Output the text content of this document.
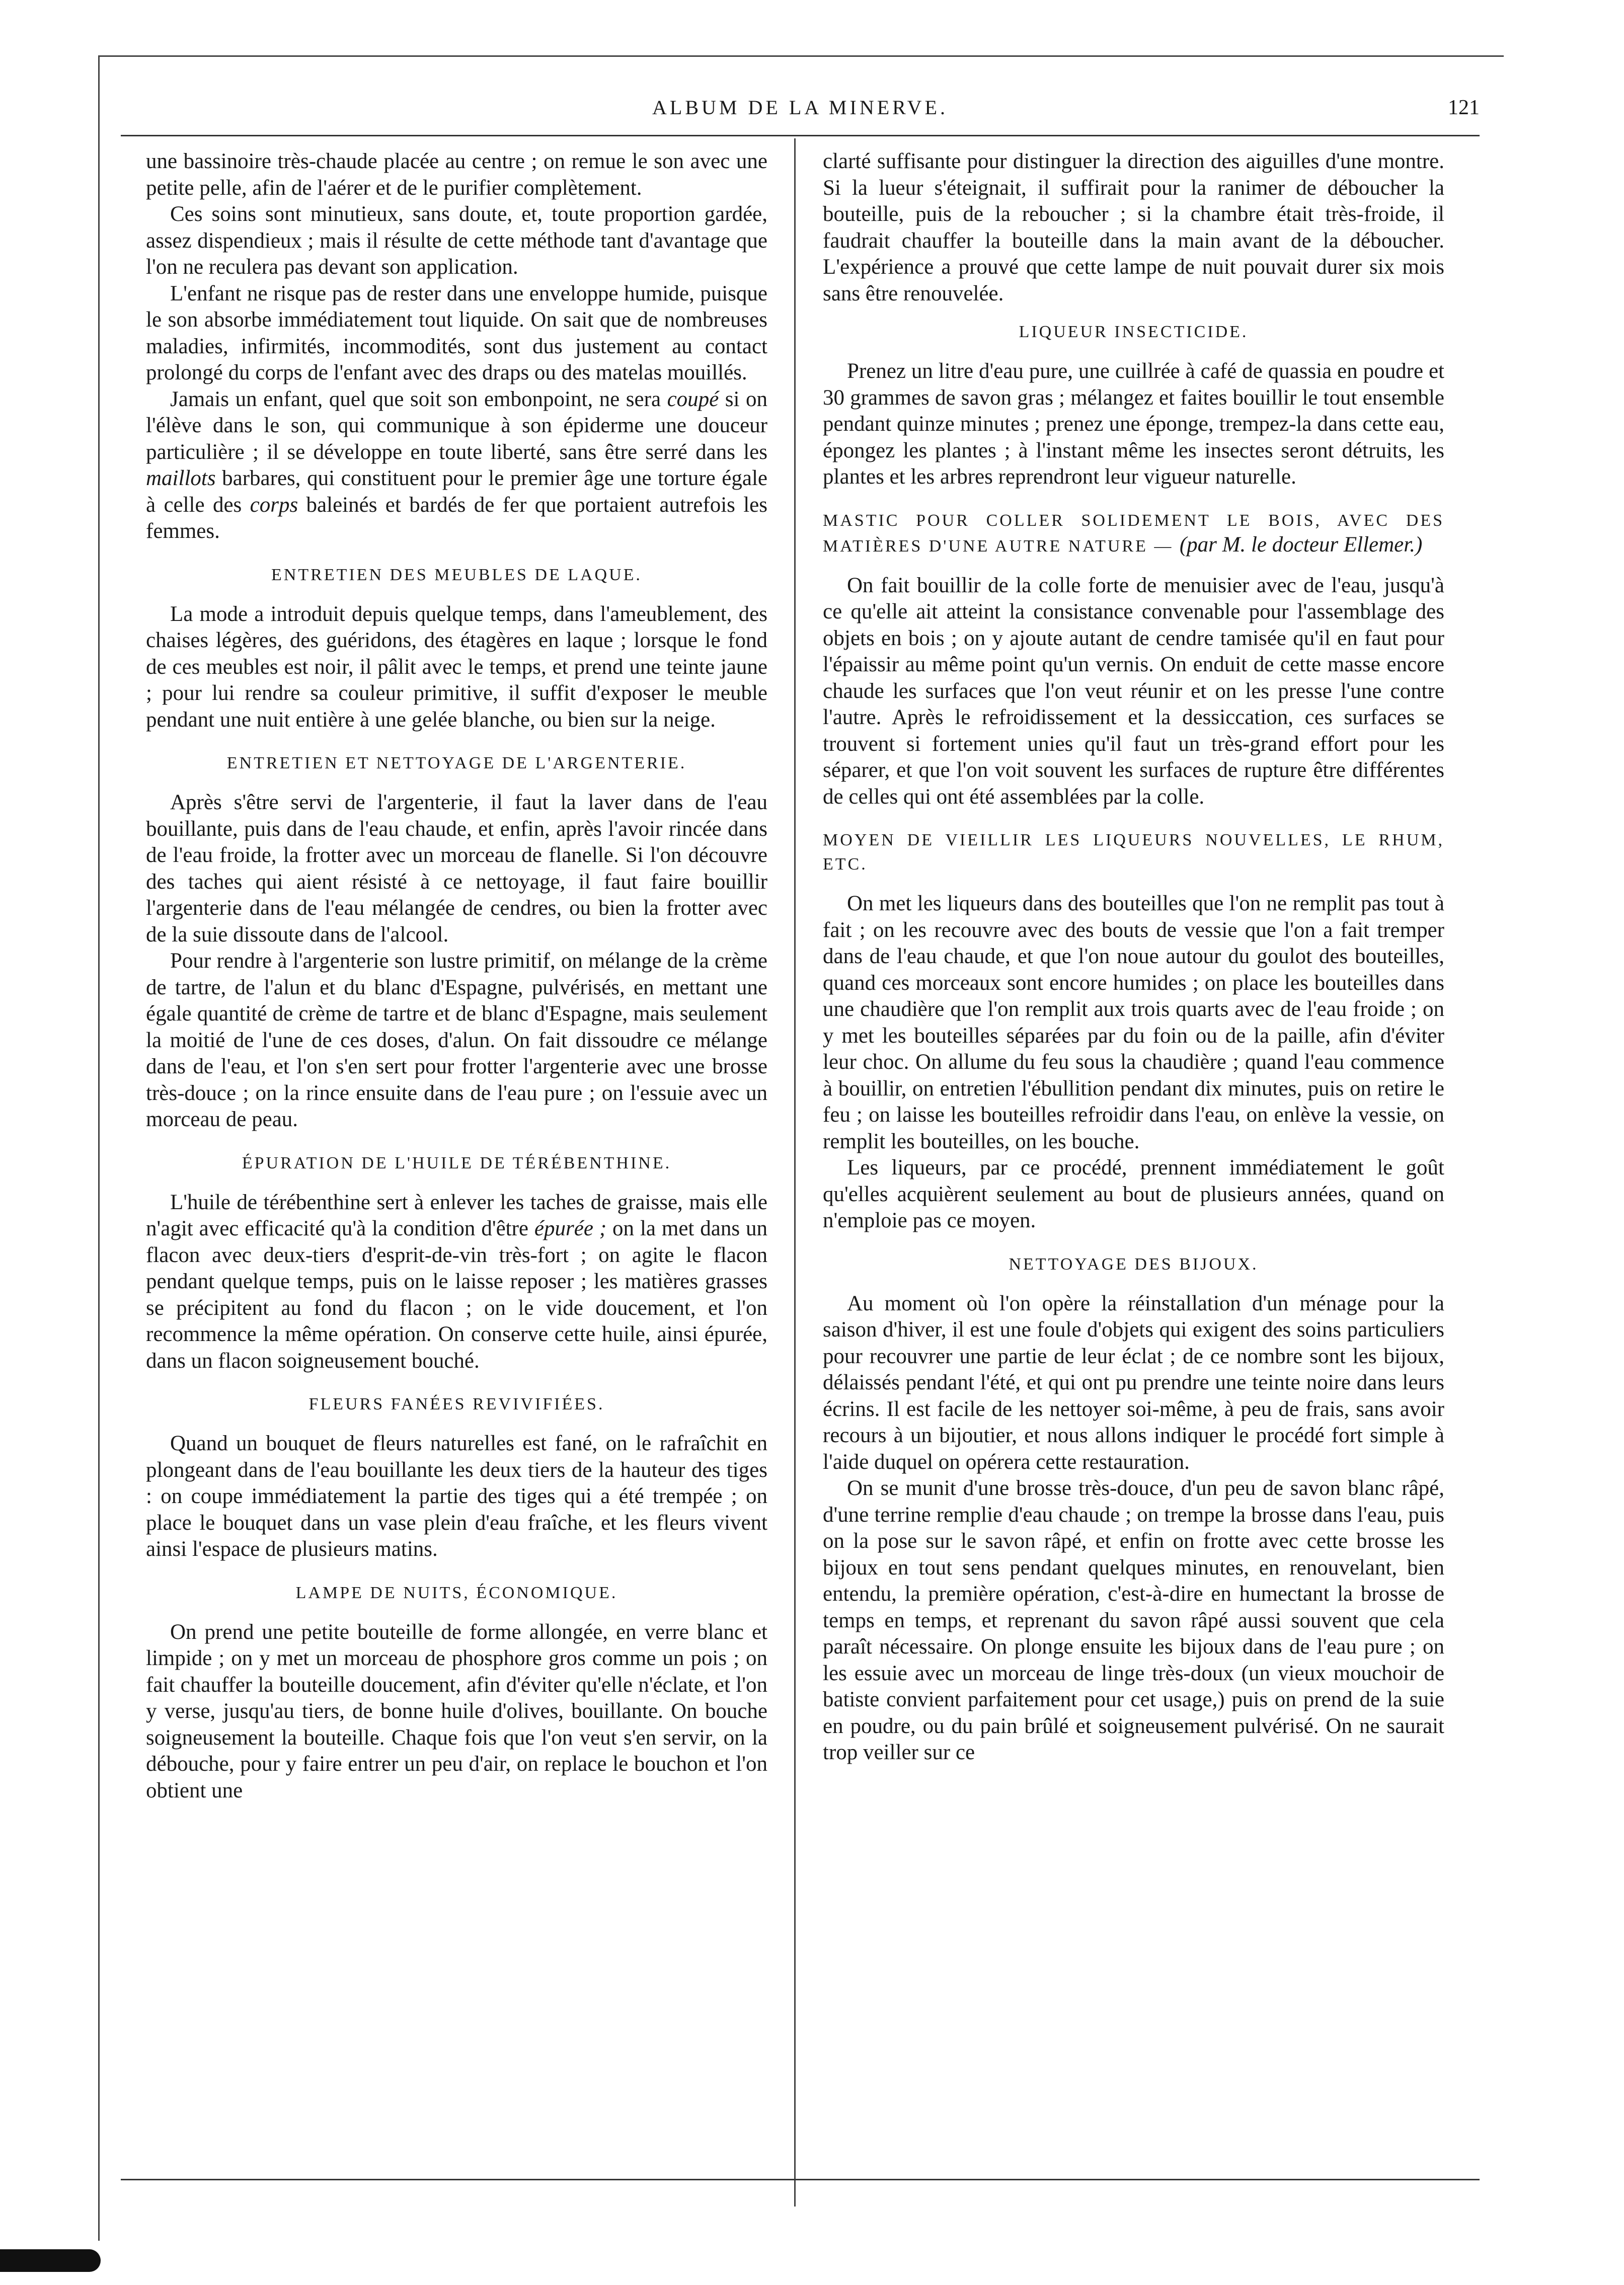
ALBUM DE LA MINERVE.	121

une bassinoire très-chaude placée au centre ; on remue le son avec une petite pelle, afin de l'aérer et de le purifier complètement.

Ces soins sont minutieux, sans doute, et, toute proportion gardée, assez dispendieux ; mais il résulte de cette méthode tant d'avantage que l'on ne reculera pas devant son application.

L'enfant ne risque pas de rester dans une enveloppe humide, puisque le son absorbe immédiatement tout liquide. On sait que de nombreuses maladies, infirmités, incommodités, sont dus justement au contact prolongé du corps de l'enfant avec des draps ou des matelas mouillés.

Jamais un enfant, quel que soit son embonpoint, ne sera coupé si on l'élève dans le son, qui communique à son épiderme une douceur particulière ; il se développe en toute liberté, sans être serré dans les maillots barbares, qui constituent pour le premier âge une torture égale à celle des corps baleinés et bardés de fer que portaient autrefois les femmes.

ENTRETIEN DES MEUBLES DE LAQUE.

La mode a introduit depuis quelque temps, dans l'ameublement, des chaises légères, des guéridons, des étagères en laque ; lorsque le fond de ces meubles est noir, il pâlit avec le temps, et prend une teinte jaune ; pour lui rendre sa couleur primitive, il suffit d'exposer le meuble pendant une nuit entière à une gelée blanche, ou bien sur la neige.

ENTRETIEN ET NETTOYAGE DE L'ARGENTERIE.

Après s'être servi de l'argenterie, il faut la laver dans de l'eau bouillante, puis dans de l'eau chaude, et enfin, après l'avoir rincée dans de l'eau froide, la frotter avec un morceau de flanelle. Si l'on découvre des taches qui aient résisté à ce nettoyage, il faut faire bouillir l'argenterie dans de l'eau mélangée de cendres, ou bien la frotter avec de la suie dissoute dans de l'alcool.

Pour rendre à l'argenterie son lustre primitif, on mélange de la crème de tartre, de l'alun et du blanc d'Espagne, pulvérisés, en mettant une égale quantité de crème de tartre et de blanc d'Espagne, mais seulement la moitié de l'une de ces doses, d'alun. On fait dissoudre ce mélange dans de l'eau, et l'on s'en sert pour frotter l'argenterie avec une brosse très-douce ; on la rince ensuite dans de l'eau pure ; on l'essuie avec un morceau de peau.

ÉPURATION DE L'HUILE DE TÉRÉBENTHINE.

L'huile de térébenthine sert à enlever les taches de graisse, mais elle n'agit avec efficacité qu'à la condition d'être épurée ; on la met dans un flacon avec deux-tiers d'esprit-de-vin très-fort ; on agite le flacon pendant quelque temps, puis on le laisse reposer ; les matières grasses se précipitent au fond du flacon ; on le vide doucement, et l'on recommence la même opération. On conserve cette huile, ainsi épurée, dans un flacon soigneusement bouché.

FLEURS FANÉES REVIVIFIÉES.

Quand un bouquet de fleurs naturelles est fané, on le rafraîchit en plongeant dans de l'eau bouillante les deux tiers de la hauteur des tiges : on coupe immédiatement la partie des tiges qui a été trempée ; on place le bouquet dans un vase plein d'eau fraîche, et les fleurs vivent ainsi l'espace de plusieurs matins.

LAMPE DE NUITS, ÉCONOMIQUE.

On prend une petite bouteille de forme allongée, en verre blanc et limpide ; on y met un morceau de phosphore gros comme un pois ; on fait chauffer la bouteille doucement, afin d'éviter qu'elle n'éclate, et l'on y verse, jusqu'au tiers, de bonne huile d'olives, bouillante. On bouche soigneusement la bouteille. Chaque fois que l'on veut s'en servir, on la débouche, pour y faire entrer un peu d'air, on replace le bouchon et l'on obtient une

clarté suffisante pour distinguer la direction des aiguilles d'une montre. Si la lueur s'éteignait, il suffirait pour la ranimer de déboucher la bouteille, puis de la reboucher ; si la chambre était très-froide, il faudrait chauffer la bouteille dans la main avant de la déboucher. L'expérience a prouvé que cette lampe de nuit pouvait durer six mois sans être renouvelée.

LIQUEUR INSECTICIDE.

Prenez un litre d'eau pure, une cuillrée à café de quassia en poudre et 30 grammes de savon gras ; mélangez et faites bouillir le tout ensemble pendant quinze minutes ; prenez une éponge, trempez-la dans cette eau, épongez les plantes ; à l'instant même les insectes seront détruits, les plantes et les arbres reprendront leur vigueur naturelle.

MASTIC POUR COLLER SOLIDEMENT LE BOIS, AVEC DES MATIÈRES D'UNE AUTRE NATURE — (par M. le docteur Ellemer.)

On fait bouillir de la colle forte de menuisier avec de l'eau, jusqu'à ce qu'elle ait atteint la consistance convenable pour l'assemblage des objets en bois ; on y ajoute autant de cendre tamisée qu'il en faut pour l'épaissir au même point qu'un vernis. On enduit de cette masse encore chaude les surfaces que l'on veut réunir et on les presse l'une contre l'autre. Après le refroidissement et la dessiccation, ces surfaces se trouvent si fortement unies qu'il faut un très-grand effort pour les séparer, et que l'on voit souvent les surfaces de rupture être différentes de celles qui ont été assemblées par la colle.

MOYEN DE VIEILLIR LES LIQUEURS NOUVELLES, LE RHUM, ETC.

On met les liqueurs dans des bouteilles que l'on ne remplit pas tout à fait ; on les recouvre avec des bouts de vessie que l'on a fait tremper dans de l'eau chaude, et que l'on noue autour du goulot des bouteilles, quand ces morceaux sont encore humides ; on place les bouteilles dans une chaudière que l'on remplit aux trois quarts avec de l'eau froide ; on y met les bouteilles séparées par du foin ou de la paille, afin d'éviter leur choc. On allume du feu sous la chaudière ; quand l'eau commence à bouillir, on entretien l'ébullition pendant dix minutes, puis on retire le feu ; on laisse les bouteilles refroidir dans l'eau, on enlève la vessie, on remplit les bouteilles, on les bouche.

Les liqueurs, par ce procédé, prennent immédiatement le goût qu'elles acquièrent seulement au bout de plusieurs années, quand on n'emploie pas ce moyen.

NETTOYAGE DES BIJOUX.

Au moment où l'on opère la réinstallation d'un ménage pour la saison d'hiver, il est une foule d'objets qui exigent des soins particuliers pour recouvrer une partie de leur éclat ; de ce nombre sont les bijoux, délaissés pendant l'été, et qui ont pu prendre une teinte noire dans leurs écrins. Il est facile de les nettoyer soi-même, à peu de frais, sans avoir recours à un bijoutier, et nous allons indiquer le procédé fort simple à l'aide duquel on opérera cette restauration.

On se munit d'une brosse très-douce, d'un peu de savon blanc râpé, d'une terrine remplie d'eau chaude ; on trempe la brosse dans l'eau, puis on la pose sur le savon râpé, et enfin on frotte avec cette brosse les bijoux en tout sens pendant quelques minutes, en renouvelant, bien entendu, la première opération, c'est-à-dire en humectant la brosse de temps en temps, et reprenant du savon râpé aussi souvent que cela paraît nécessaire. On plonge ensuite les bijoux dans de l'eau pure ; on les essuie avec un morceau de linge très-doux (un vieux mouchoir de batiste convient parfaitement pour cet usage,) puis on prend de la suie en poudre, ou du pain brûlé et soigneusement pulvérisé. On ne saurait trop veiller sur ce
